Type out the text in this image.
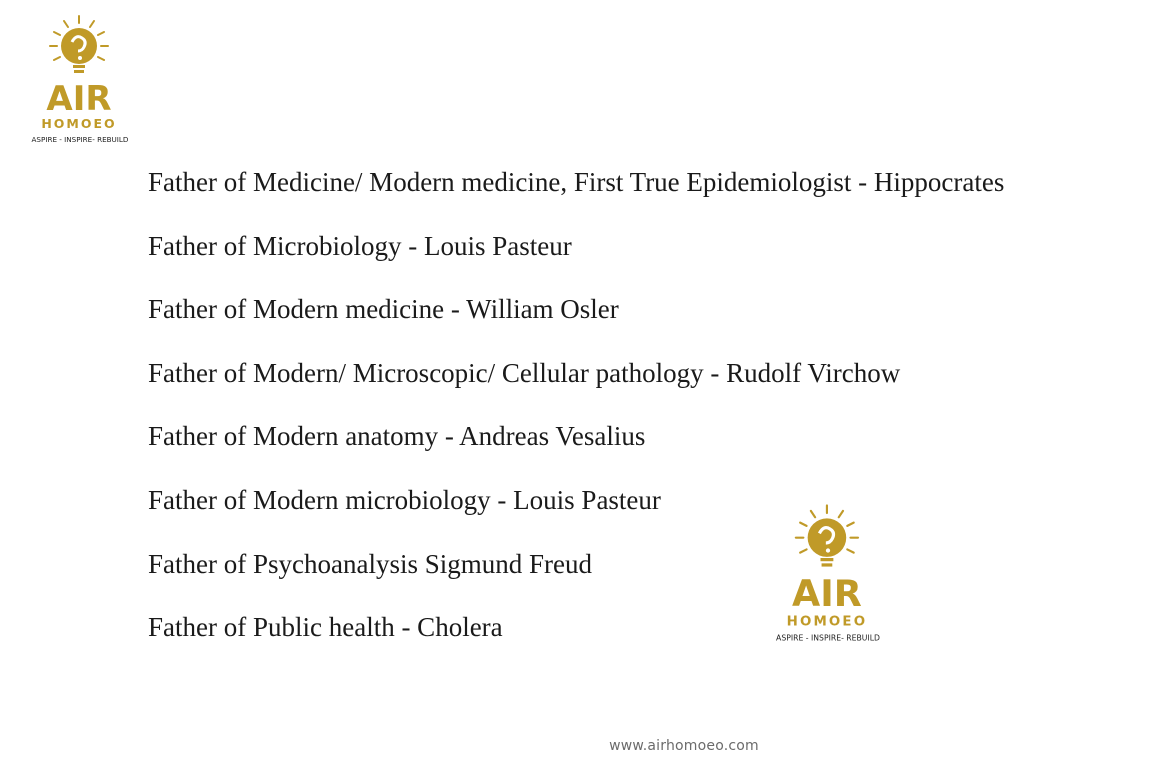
AIR
HOMOEO
ASPIRE - INSPIRE- REBUILD
Father of Medicine/ Modern medicine, First True Epidemiologist - Hippocrates
Father of Microbiology - Louis Pasteur
Father of Modern medicine - William Osler
Father of Modern/ Microscopic/ Cellular pathology - Rudolf Virchow
Father of Modern anatomy - Andreas Vesalius
Father of Modern microbiology - Louis Pasteur
Father of Psychoanalysis Sigmund Freud
Father of Public health - Cholera
AIR
HOMOEO
ASPIRE - INSPIRE- REBUILD
www.airhomoeo.com
